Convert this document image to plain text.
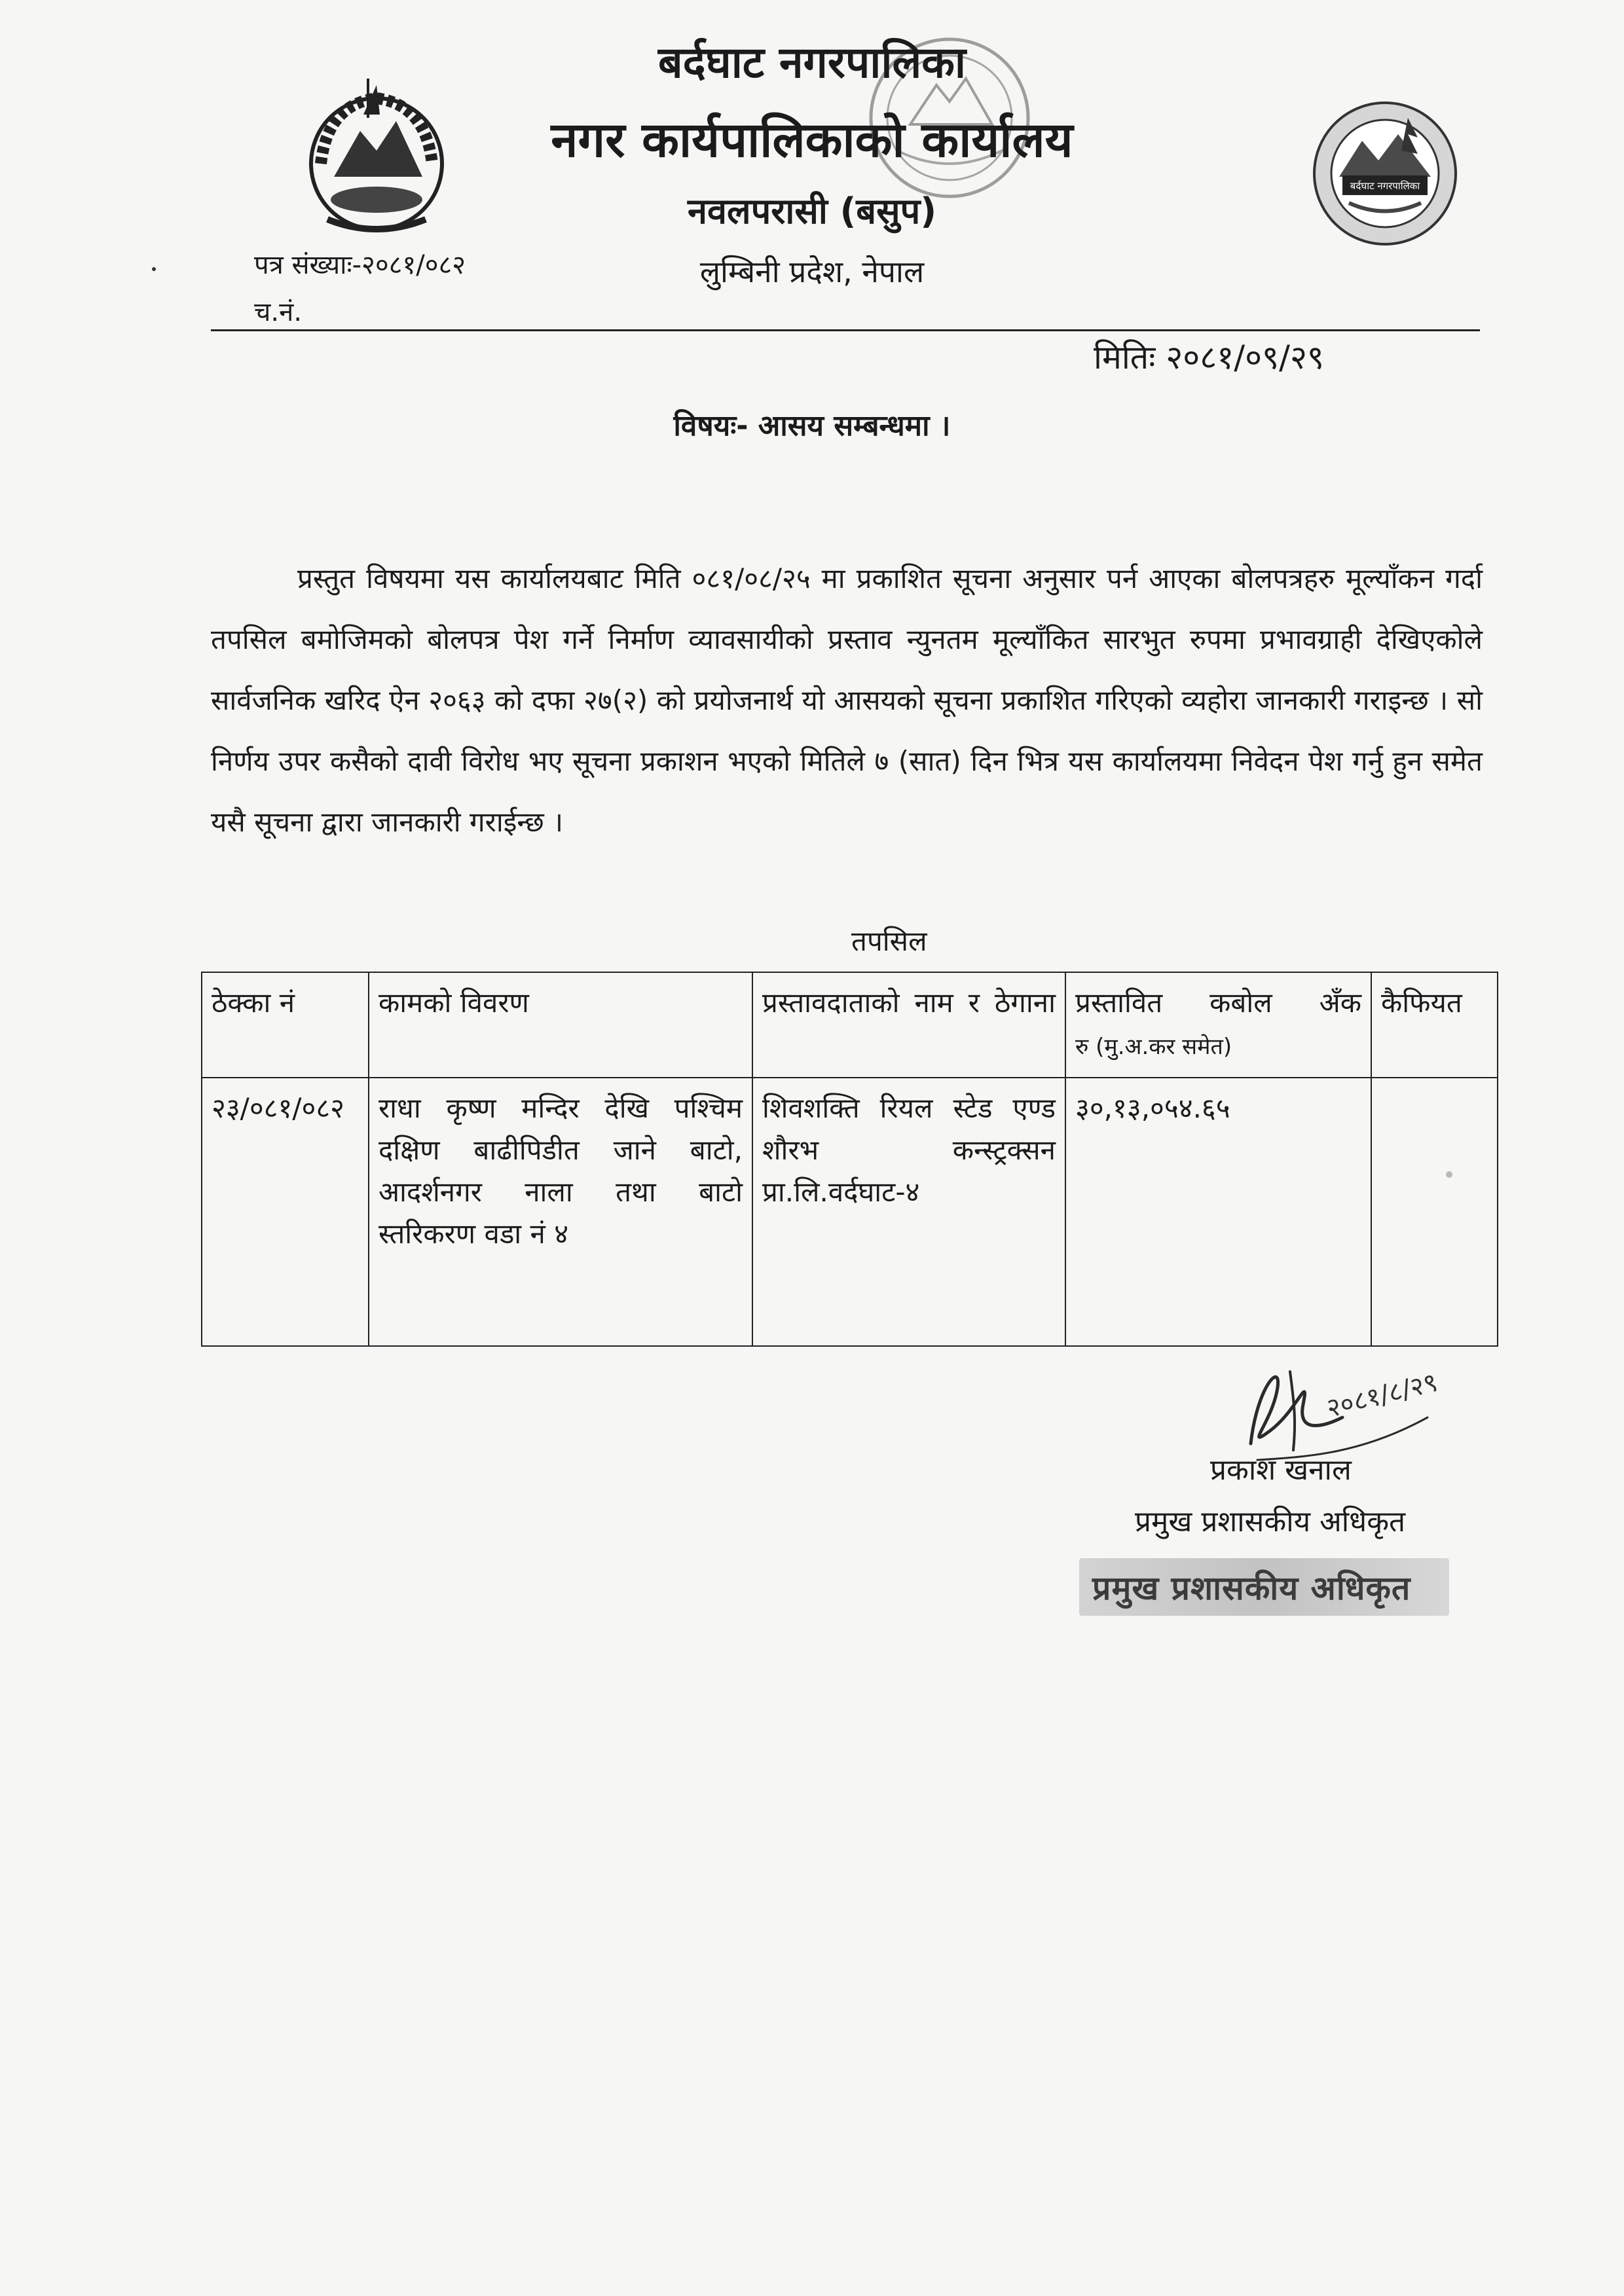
बर्दघाट नगरपालिका
बर्दघाट नगरपालिका
नगर कार्यपालिकाको कार्यालय
नवलपरासी (बसुप)
लुम्बिनी प्रदेश, नेपाल
पत्र संख्याः-२०८१/०८२
च.नं.
मितिः २०८१/०९/२९
विषयः- आसय सम्बन्धमा ।

प्रस्तुत विषयमा यस कार्यालयबाट मिति ०८१/०८/२५ मा प्रकाशित सूचना अनुसार पर्न आएका बोलपत्रहरु मूल्यॉंकन गर्दा तपसिल बमोजिमको बोलपत्र पेश गर्ने निर्माण व्यावसायीको प्रस्ताव न्युनतम मूल्यॉंकित सारभुत रुपमा प्रभावग्राही देखिएकोले सार्वजनिक खरिद ऐन २०६३ को दफा २७(२) को प्रयोजनार्थ यो आसयको सूचना प्रकाशित गरिएको व्यहोरा जानकारी गराइन्छ । सो निर्णय उपर कसैको दावी विरोध भए सूचना प्रकाशन भएको मितिले ७ (सात) दिन भित्र यस कार्यालयमा निवेदन पेश गर्नु हुन समेत यसै सूचना द्वारा जानकारी गराईन्छ ।

तपसिल
ठेक्का नं	कामको विवरण	प्रस्तावदाताको नाम र ठेगाना	प्रस्तावित कबोल अँक
रु (मु.अ.कर समेत)	कैफियत
२३/०८१/०८२	राधा कृष्ण मन्दिर देखि पश्चिम दक्षिण बाढीपिडीत जाने बाटो, आदर्शनगर नाला तथा बाटो स्तरिकरण वडा नं ४	शिवशक्ति रियल स्टेड एण्ड शौरभ कन्स्ट्रक्सन प्रा.लि.वर्दघाट-४	३०,१३,०५४.६५	
२०८१/८/२९
प्रकाश खनाल
प्रमुख प्रशासकीय अधिकृत
प्रमुख प्रशासकीय अधिकृत
